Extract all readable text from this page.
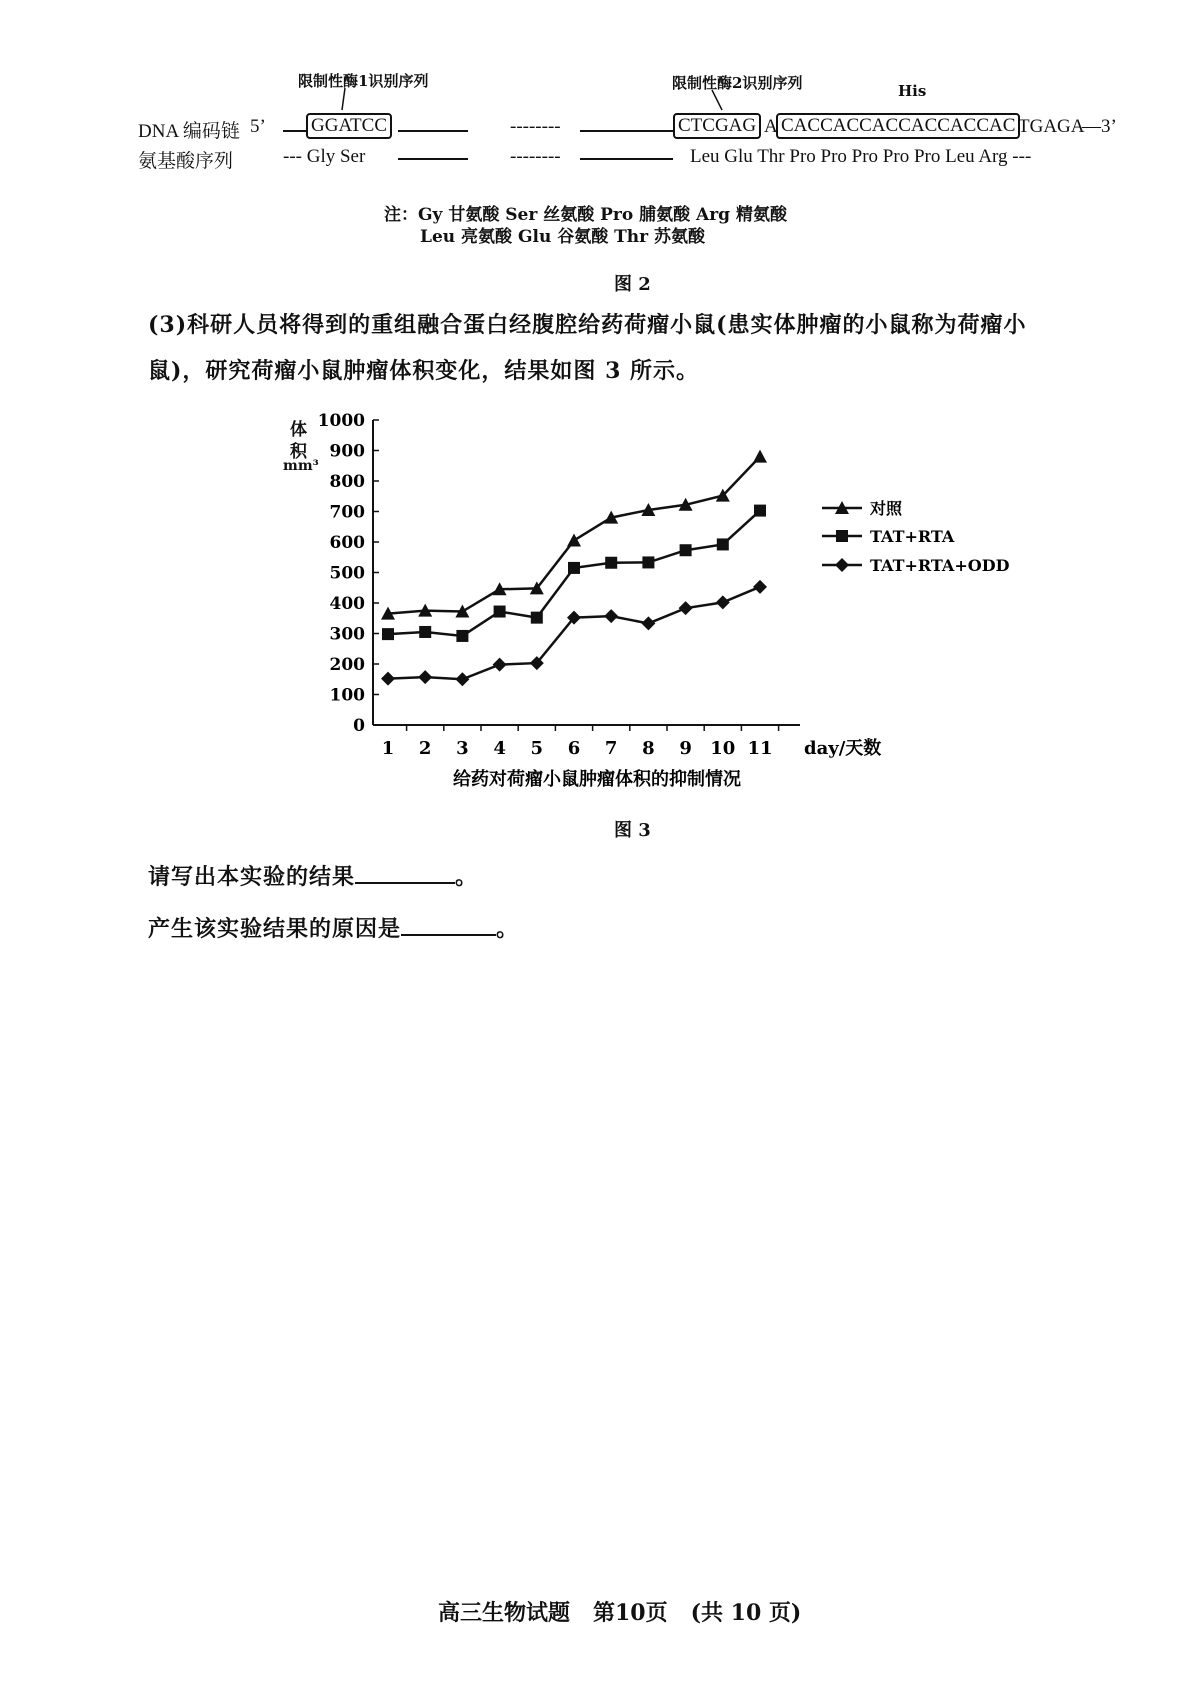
限制性酶1识别序列	限制性酶2识别序列	His
DNA 编码链 5’ GGATCC	--------	CTCGAG A CACCACCACCACCACCAC TGAGA
—3’
氨基酸序列	--- Gly Ser	--------	Leu Glu Thr Pro Pro Pro Pro Pro Leu Arg ---
注：Gy 甘氨酸 Ser 丝氨酸 Pro 脯氨酸 Arg 精氨酸
Leu 亮氨酸 Glu 谷氨酸 Thr 苏氨酸
图 2
(3)科研人员将得到的重组融合蛋白经腹腔给药荷瘤小鼠(患实体肿瘤的小鼠称为荷瘤小
鼠)，研究荷瘤小鼠肿瘤体积变化，结果如图 3 所示。
体
积
mm³
0
100
200
300
400
500
600
700
800
900
1000
1 2 3 4 5 6 7 8 9 10 11 day/天数
给药对荷瘤小鼠肿瘤体积的抑制情况
对照
TAT+RTA
TAT+RTA+ODD
图 3
请写出本实验的结果	。
产生该实验结果的原因是	。
高三生物试题   第10页   (共 10 页)
